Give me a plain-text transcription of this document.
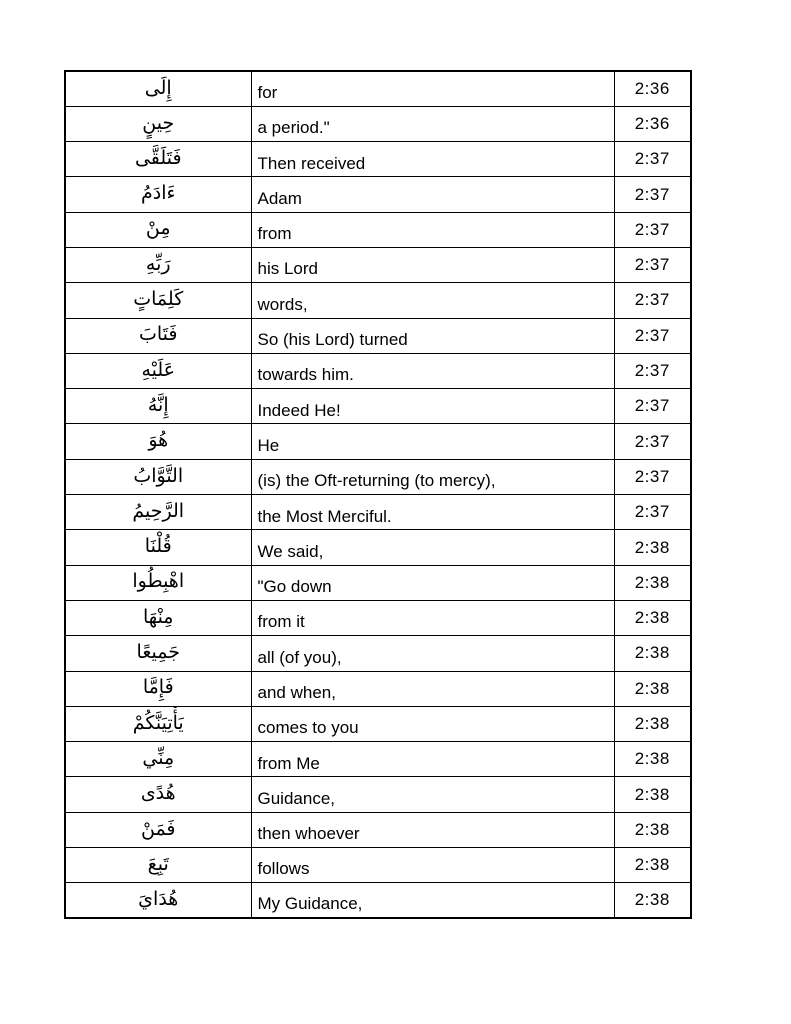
إِلَى	for	2:36
حِينٍ	a period."	2:36
فَتَلَقَّى	Then received	2:37
ءَادَمُ	Adam	2:37
مِنْ	from	2:37
رَبِّهِ	his Lord	2:37
كَلِمَاتٍ	words,	2:37
فَتَابَ	So (his Lord) turned	2:37
عَلَيْهِ	towards him.	2:37
إِنَّهُ	Indeed He!	2:37
هُوَ	He	2:37
التَّوَّابُ	(is) the Oft-returning (to mercy),	2:37
الرَّحِيمُ	the Most Merciful.	2:37
قُلْنَا	We said,	2:38
اهْبِطُوا	"Go down	2:38
مِنْهَا	from it	2:38
جَمِيعًا	all (of you),	2:38
فَإِمَّا	and when,	2:38
يَأْتِيَنَّكُمْ	comes to you	2:38
مِنِّي	from Me	2:38
هُدًى	Guidance,	2:38
فَمَنْ	then whoever	2:38
تَبِعَ	follows	2:38
هُدَايَ	My Guidance,	2:38
